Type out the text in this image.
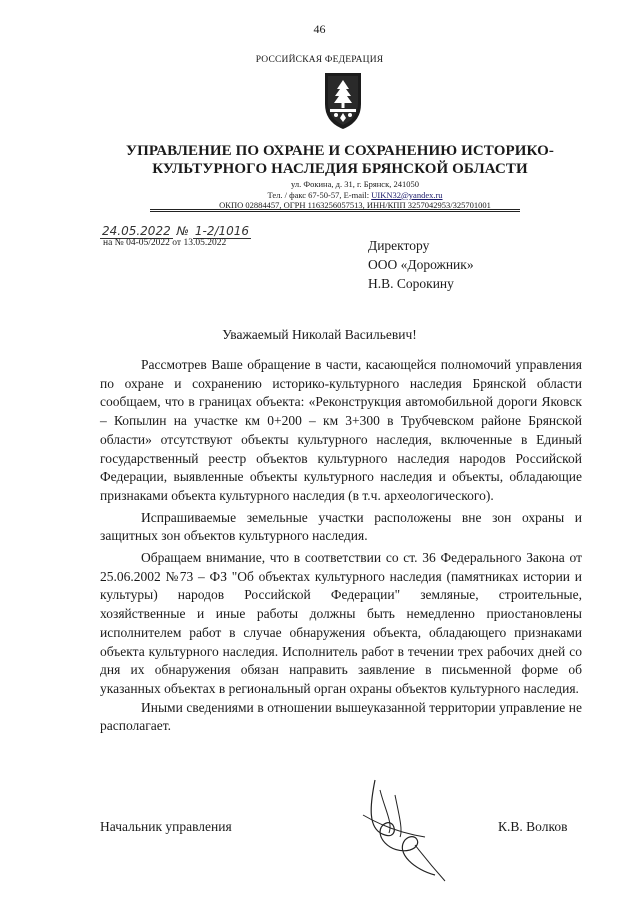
46
РОССИЙСКАЯ ФЕДЕРАЦИЯ
УПРАВЛЕНИЕ ПО ОХРАНЕ И СОХРАНЕНИЮ ИСТОРИКО-
КУЛЬТУРНОГО НАСЛЕДИЯ БРЯНСКОЙ ОБЛАСТИ
ул. Фокина, д. 31, г. Брянск, 241050
Тел. / факс 67-50-57, E-mail: UIKN32@yandex.ru
ОКПО 02884457, ОГРН 1163256057513, ИНН/КПП 3257042953/325701001
24.05.2022 № 1-2/1016
на № 04-05/2022 от 13.05.2022	Директору
ООО «Дорожник»
Н.В. Сорокину
Уважаемый Николай Васильевич!

Рассмотрев Ваше обращение в части, касающейся полномочий управления по охране и сохранению историко-культурного наследия Брянской области сообщаем, что в границах объекта: «Реконструкция автомобильной дороги Яковск – Копылин на участке км 0+200 – км 3+300 в Трубчевском районе Брянской области» отсутствуют объекты культурного наследия, включенные в Единый государственный реестр объектов культурного наследия народов Российской Федерации, выявленные объекты культурного наследия и объекты, обладающие признаками объекта культурного наследия (в т.ч. археологического).

Испрашиваемые земельные участки расположены вне зон охраны и защитных зон объектов культурного наследия.

Обращаем внимание, что в соответствии со ст. 36 Федерального Закона от 25.06.2002 №73 – ФЗ "Об объектах культурного наследия (памятниках истории и культуры) народов Российской Федерации" земляные, строительные, хозяйственные и иные работы должны быть немедленно приостановлены исполнителем работ в случае обнаружения объекта, обладающего признаками объекта культурного наследия. Исполнитель работ в течении трех рабочих дней со дня их обнаружения обязан направить заявление в письменной форме об указанных объектах в региональный орган охраны объектов культурного наследия.

Иными сведениями в отношении вышеуказанной территории управление не располагает.

Начальник управления	К.В. Волков
